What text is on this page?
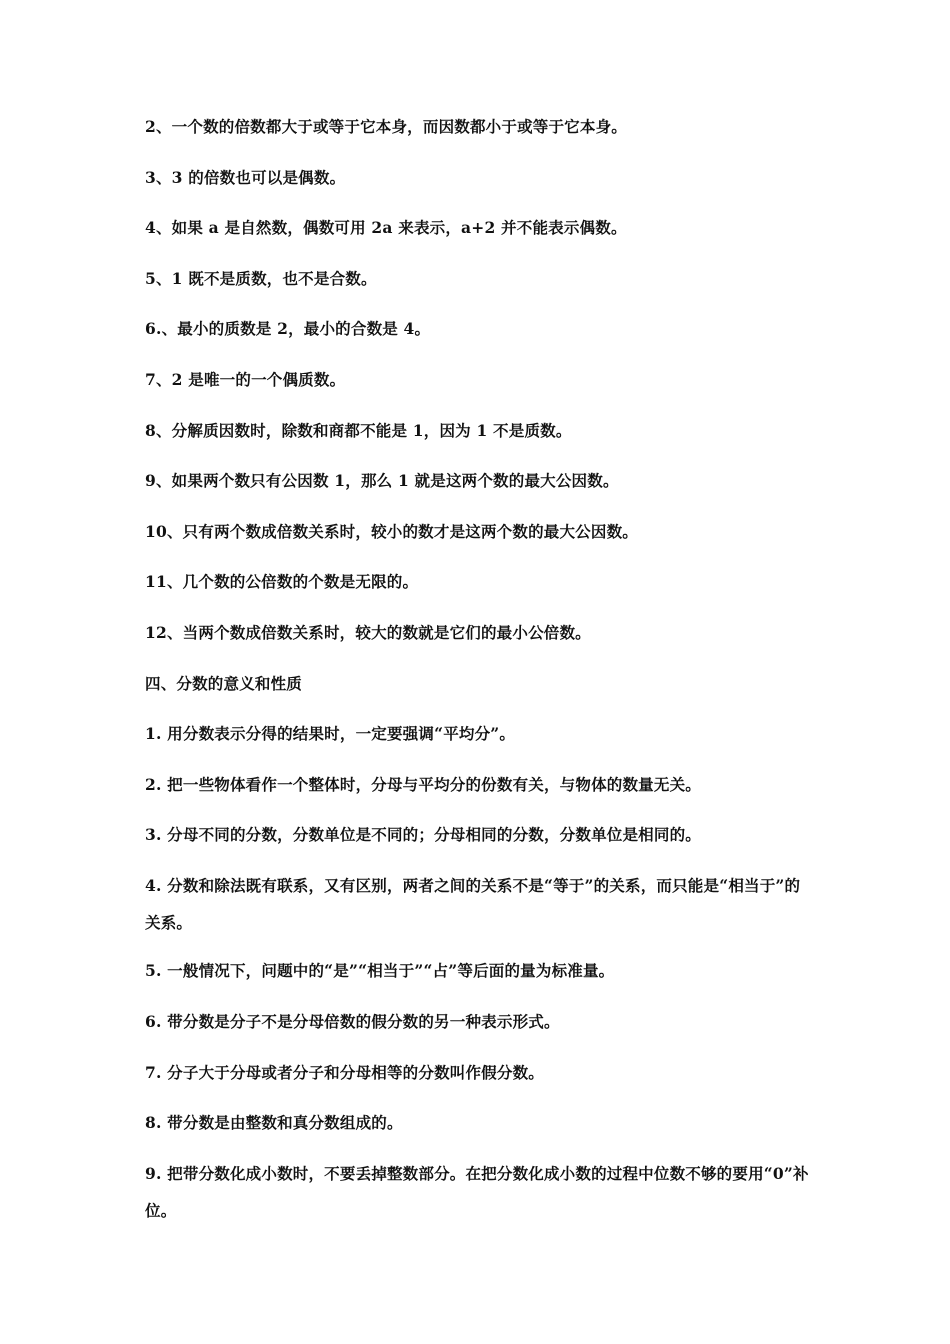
2、一个数的倍数都大于或等于它本身，而因数都小于或等于它本身。
3、3 的倍数也可以是偶数。
4、如果 a 是自然数，偶数可用 2a 来表示，a+2 并不能表示偶数。
5、1 既不是质数，也不是合数。
6.、最小的质数是 2，最小的合数是 4。
7、2 是唯一的一个偶质数。
8、分解质因数时，除数和商都不能是 1，因为 1 不是质数。
9、如果两个数只有公因数 1，那么 1 就是这两个数的最大公因数。
10、只有两个数成倍数关系时，较小的数才是这两个数的最大公因数。
11、几个数的公倍数的个数是无限的。
12、当两个数成倍数关系时，较大的数就是它们的最小公倍数。
四、分数的意义和性质
1. 用分数表示分得的结果时，一定要强调“平均分”。
2. 把一些物体看作一个整体时，分母与平均分的份数有关，与物体的数量无关。
3. 分母不同的分数，分数单位是不同的；分母相同的分数，分数单位是相同的。
4. 分数和除法既有联系，又有区别，两者之间的关系不是“等于”的关系，而只能是“相当于”的关系。
5. 一般情况下，问题中的“是”“相当于”“占”等后面的量为标准量。
6. 带分数是分子不是分母倍数的假分数的另一种表示形式。
7. 分子大于分母或者分子和分母相等的分数叫作假分数。
8. 带分数是由整数和真分数组成的。
9. 把带分数化成小数时，不要丢掉整数部分。在把分数化成小数的过程中位数不够的要用“0”补位。
